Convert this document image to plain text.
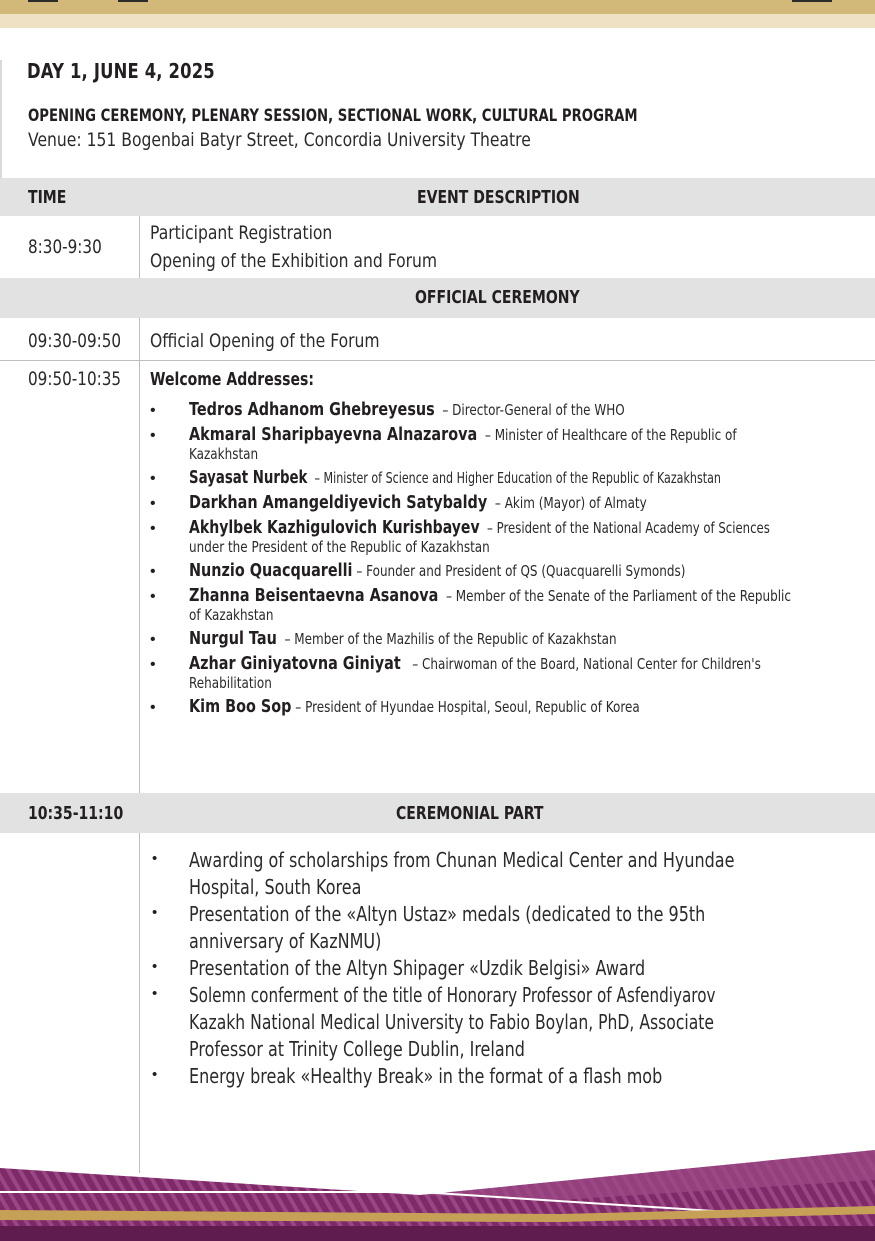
DAY 1, JUNE 4, 2025
OPENING CEREMONY, PLENARY SESSION, SECTIONAL WORK, CULTURAL PROGRAM

Venue: 151 Bogenbai Batyr Street, Concordia University Theatre

TIME	EVENT DESCRIPTION
8:30-9:30
Participant Registration
Opening of the Exhibition and Forum
OFFICIAL CEREMONY
09:30-09:50 Official Opening of the Forum
09:50-10:35 Welcome Addresses:
• Tedros Adhanom Ghebreyesus – Director-General of the WHO
• Akmaral Sharipbayevna Alnazarova – Minister of Healthcare of the Republic of
Kazakhstan
• Sayasat Nurbek – Minister of Science and Higher Education of the Republic of Kazakhstan
• Darkhan Amangeldiyevich Satybaldy – Akim (Mayor) of Almaty
• Akhylbek Kazhigulovich Kurishbayev – President of the National Academy of Sciences
under the President of the Republic of Kazakhstan
• Nunzio Quacquarelli – Founder and President of QS (Quacquarelli Symonds)
• Zhanna Beisentaevna Asanova – Member of the Senate of the Parliament of the Republic
of Kazakhstan
• Nurgul Tau – Member of the Mazhilis of the Republic of Kazakhstan
• Azhar Giniyatovna Giniyat – Chairwoman of the Board, National Center for Children's
Rehabilitation
• Kim Boo Sop – President of Hyundae Hospital, Seoul, Republic of Korea
10:35-11:10	CEREMONIAL PART
• Awarding of scholarships from Chunan Medical Center and Hyundae
Hospital, South Korea
• Presentation of the «Altyn Ustaz» medals (dedicated to the 95th
anniversary of KazNMU)
• Presentation of the Altyn Shipager «Uzdik Belgisi» Award
• Solemn conferment of the title of Honorary Professor of Asfendiyarov
Kazakh National Medical University to Fabio Boylan, PhD, Associate
Professor at Trinity College Dublin, Ireland
• Energy break «Healthy Break» in the format of a flash mob
